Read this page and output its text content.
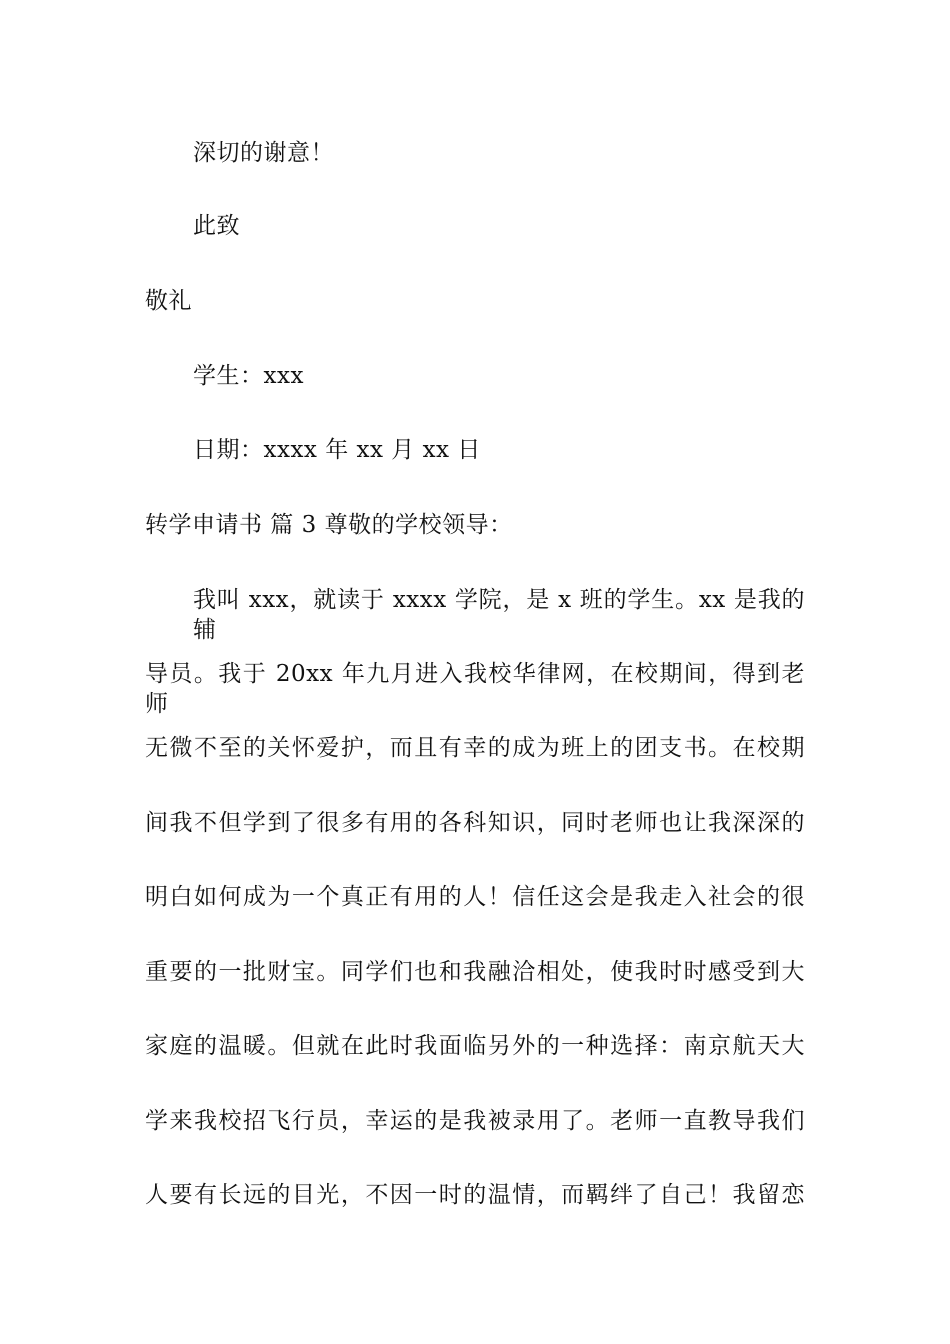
深切的谢意！
此致
敬礼
学生：xxx
日期：xxxx 年 xx 月 xx 日
转学申请书 篇 3 尊敬的学校领导：
我叫 xxx，就读于 xxxx 学院，是 x 班的学生。xx 是我的辅
导员。我于 20xx 年九月进入我校华律网，在校期间，得到老师
无微不至的关怀爱护，而且有幸的成为班上的团支书。在校期
间我不但学到了很多有用的各科知识，同时老师也让我深深的
明白如何成为一个真正有用的人！信任这会是我走入社会的很
重要的一批财宝。同学们也和我融洽相处，使我时时感受到大
家庭的温暖。但就在此时我面临另外的一种选择：南京航天大
学来我校招飞行员，幸运的是我被录用了。老师一直教导我们
人要有长远的目光，不因一时的温情，而羁绊了自己！我留恋
